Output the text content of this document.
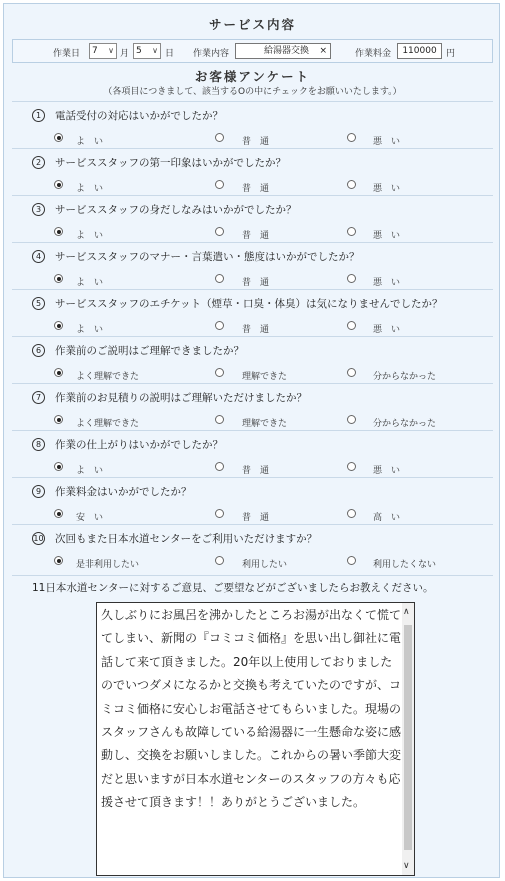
サービス内容
作業日	7 ∨ 月 5 ∨ 日 作業内容	給湯器交換 ×	作業料金	110000	円
お客様アンケート
（各項目につきまして、該当するOの中にチェックをお願いいたします。）
1 電話受付の対応はいかがでしたか？
よ　い	普　通	悪　い
2 サービススタッフの第一印象はいかがでしたか？
よ　い	普　通	悪　い
3 サービススタッフの身だしなみはいかがでしたか？
よ　い	普　通	悪　い
4 サービススタッフのマナー・言葉遣い・態度はいかがでしたか？
よ　い	普　通	悪　い
5 サービススタッフのエチケット（煙草・口臭・体臭）は気になりませんでしたか？
よ　い	普　通	悪　い
6 作業前のご説明はご理解できましたか？
よく理解できた	理解できた	分からなかった
7 作業前のお見積りの説明はご理解いただけましたか？
よく理解できた	理解できた	分からなかった
8 作業の仕上がりはいかがでしたか？
よ　い	普　通	悪　い
9 作業料金はいかがでしたか？
安　い	普　通	高　い
10 次回もまた日本水道センターをご利用いただけますか？
是非利用したい	利用したい	利用したくない
11日本水道センターに対するご意見、ご要望などがございましたらお教えください。
久しぶりにお風呂を沸かしたところお湯が出なくて慌ててしまい、新聞の『コミコミ価格』を思い出し御社に電話して来て頂きました。20年以上使用しておりましたのでいつダメになるかと交換も考えていたのですが、コミコミ価格に安心しお電話させてもらいました。現場のスタッフさんも故障している給湯器に一生懸命な姿に感動し、交換をお願いしました。これからの暑い季節大変だと思いますが日本水道センターのスタッフの方々も応援させて頂きます！！ありがとうございました。
∧
∨
